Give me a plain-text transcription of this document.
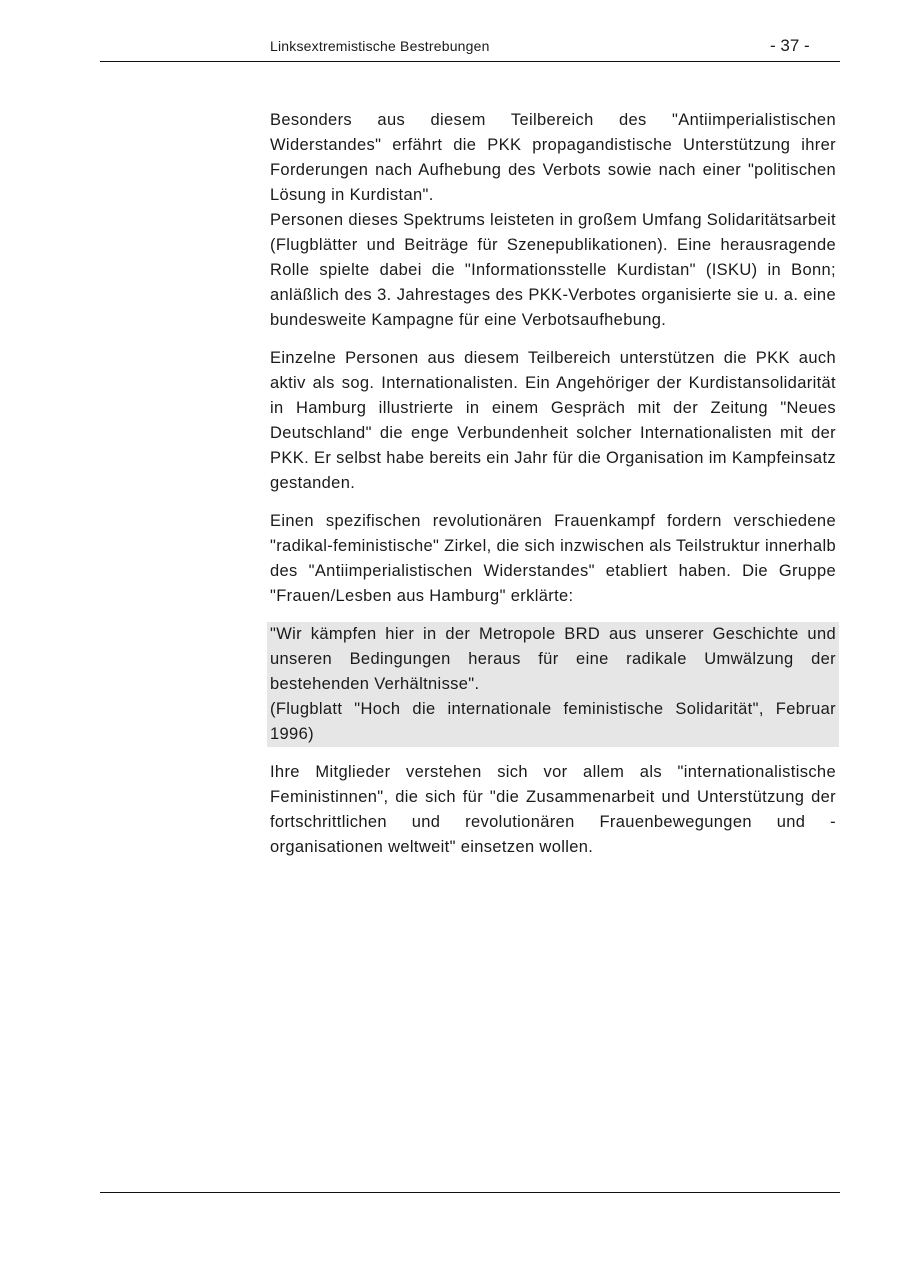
Linksextremistische Bestrebungen	- 37 -

Besonders aus diesem Teilbereich des "Antiimperialistischen Widerstandes" erfährt die PKK propagandistische Unterstützung ihrer Forderungen nach Aufhebung des Verbots sowie nach einer "politischen Lösung in Kurdistan".

Personen dieses Spektrums leisteten in großem Umfang Solidaritätsarbeit (Flugblätter und Beiträge für Szenepublikationen). Eine herausragende Rolle spielte dabei die "Informationsstelle Kurdistan" (ISKU) in Bonn; anläßlich des 3. Jahrestages des PKK-Verbotes organisierte sie u. a. eine bundesweite Kampagne für eine Verbotsaufhebung.

Einzelne Personen aus diesem Teilbereich unterstützen die PKK auch aktiv als sog. Internationalisten. Ein Angehöriger der Kurdistansolidarität in Hamburg illustrierte in einem Gespräch mit der Zeitung "Neues Deutschland" die enge Verbundenheit solcher Internationalisten mit der PKK. Er selbst habe bereits ein Jahr für die Organisation im Kampfeinsatz gestanden.

Einen spezifischen revolutionären Frauenkampf fordern verschiedene "radikal-feministische" Zirkel, die sich inzwischen als Teilstruktur innerhalb des "Antiimperialistischen Widerstandes" etabliert haben. Die Gruppe "Frauen/Lesben aus Hamburg" erklärte:

"Wir kämpfen hier in der Metropole BRD aus unserer Geschichte und unseren Bedingungen heraus für eine radikale Umwälzung der bestehenden Verhältnisse".

(Flugblatt "Hoch die internationale feministische Solidarität", Februar 1996)

Ihre Mitglieder verstehen sich vor allem als "internationalistische Feministinnen", die sich für "die Zusammenarbeit und Unterstützung der fortschrittlichen und revolutionären Frauenbewegungen und -organisationen weltweit" einsetzen wollen.
